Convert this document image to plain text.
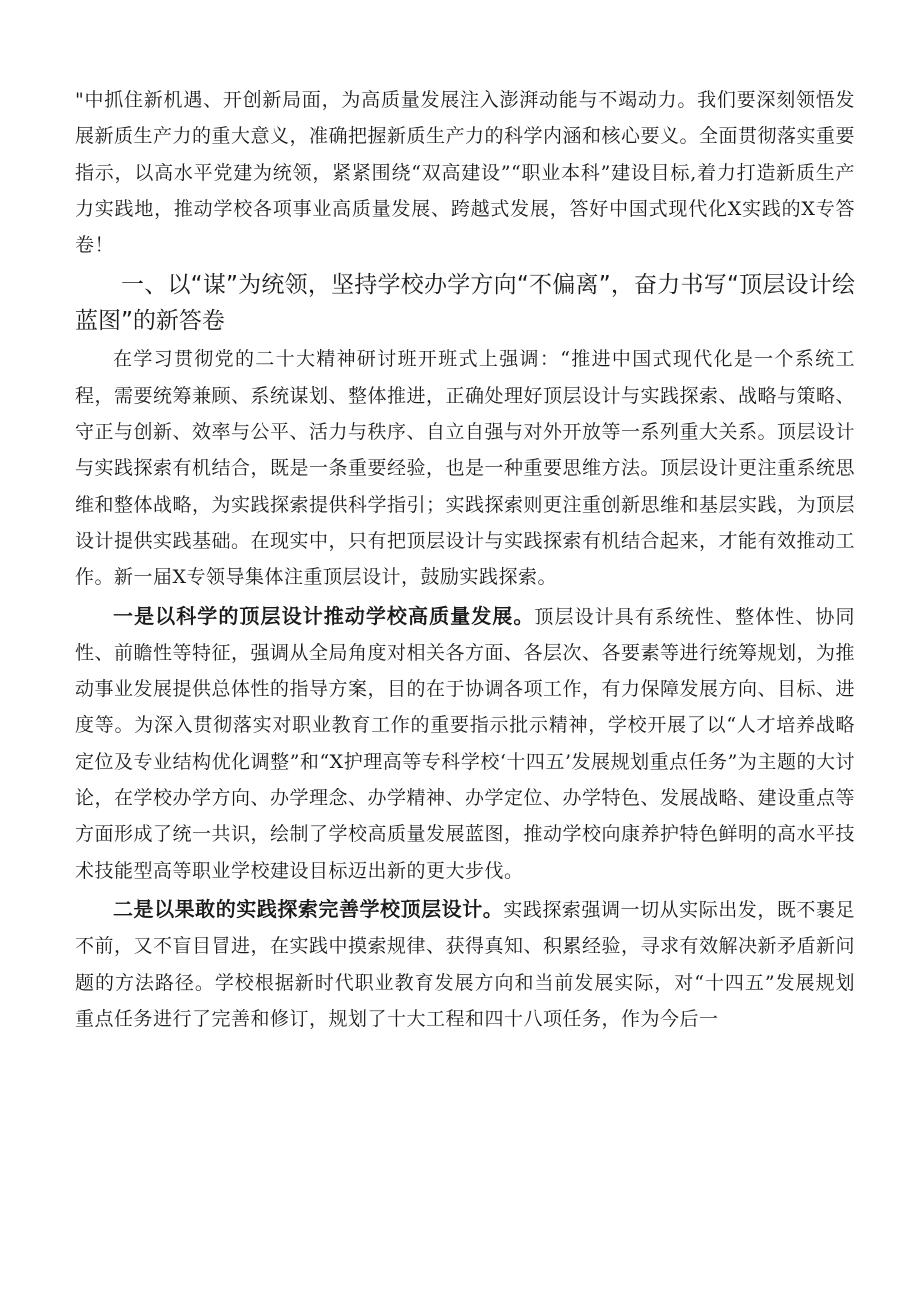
"中抓住新机遇、开创新局面，为高质量发展注入澎湃动能与不竭动力。我们要深刻领悟发展新质生产力的重大意义，准确把握新质生产力的科学内涵和核心要义。全面贯彻落实重要指示，以高水平党建为统领，紧紧围绕“双高建设”“职业本科”建设目标,着力打造新质生产力实践地，推动学校各项事业高质量发展、跨越式发展，答好中国式现代化X实践的X专答卷！

一、以“谋”为统领，坚持学校办学方向“不偏离”，奋力书写“顶层设计绘蓝图”的新答卷

在学习贯彻党的二十大精神研讨班开班式上强调：“推进中国式现代化是一个系统工程，需要统筹兼顾、系统谋划、整体推进，正确处理好顶层设计与实践探索、战略与策略、守正与创新、效率与公平、活力与秩序、自立自强与对外开放等一系列重大关系。顶层设计与实践探索有机结合，既是一条重要经验，也是一种重要思维方法。顶层设计更注重系统思维和整体战略，为实践探索提供科学指引；实践探索则更注重创新思维和基层实践，为顶层设计提供实践基础。在现实中，只有把顶层设计与实践探索有机结合起来，才能有效推动工作。新一届X专领导集体注重顶层设计，鼓励实践探索。

一是以科学的顶层设计推动学校高质量发展。顶层设计具有系统性、整体性、协同性、前瞻性等特征，强调从全局角度对相关各方面、各层次、各要素等进行统筹规划，为推动事业发展提供总体性的指导方案，目的在于协调各项工作，有力保障发展方向、目标、进度等。为深入贯彻落实对职业教育工作的重要指示批示精神，学校开展了以“人才培养战略定位及专业结构优化调整”和“X护理高等专科学校‘十四五’发展规划重点任务”为主题的大讨论，在学校办学方向、办学理念、办学精神、办学定位、办学特色、发展战略、建设重点等方面形成了统一共识，绘制了学校高质量发展蓝图，推动学校向康养护特色鲜明的高水平技术技能型高等职业学校建设目标迈出新的更大步伐。

二是以果敢的实践探索完善学校顶层设计。实践探索强调一切从实际出发，既不裹足不前，又不盲目冒进，在实践中摸索规律、获得真知、积累经验，寻求有效解决新矛盾新问题的方法路径。学校根据新时代职业教育发展方向和当前发展实际，对“十四五”发展规划重点任务进行了完善和修订，规划了十大工程和四十八项任务，作为今后一
